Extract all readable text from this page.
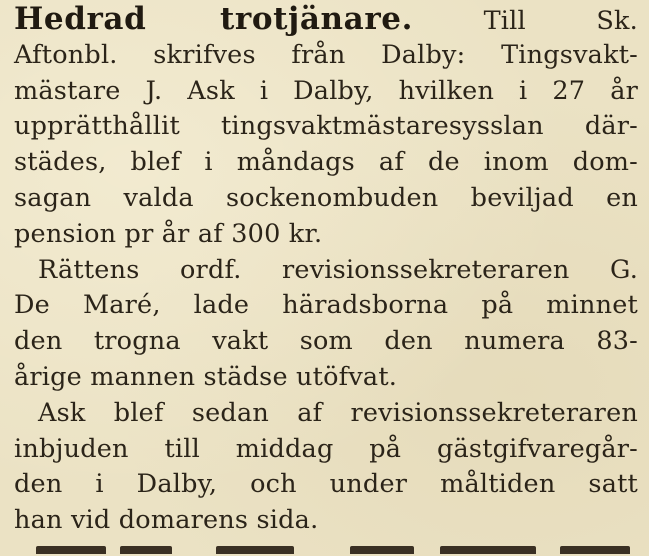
Hedrad trotjänare.	Till Sk.
Aftonbl. skrifves från Dalby: Tingsvakt-
mästare J. Ask i Dalby, hvilken i 27 år
upprätthållit tingsvaktmästaresysslan där-
städes, blef i måndags af de inom dom-
sagan valda sockenombuden beviljad en
pension pr år af 300 kr.
Rättens ordf. revisionssekreteraren G.
De Maré, lade häradsborna på minnet
den trogna vakt som den numera 83-
årige mannen städse utöfvat.
Ask blef sedan af revisionssekreteraren
inbjuden till middag på gästgifvaregår-
den i Dalby, och under måltiden satt
han vid domarens sida.
